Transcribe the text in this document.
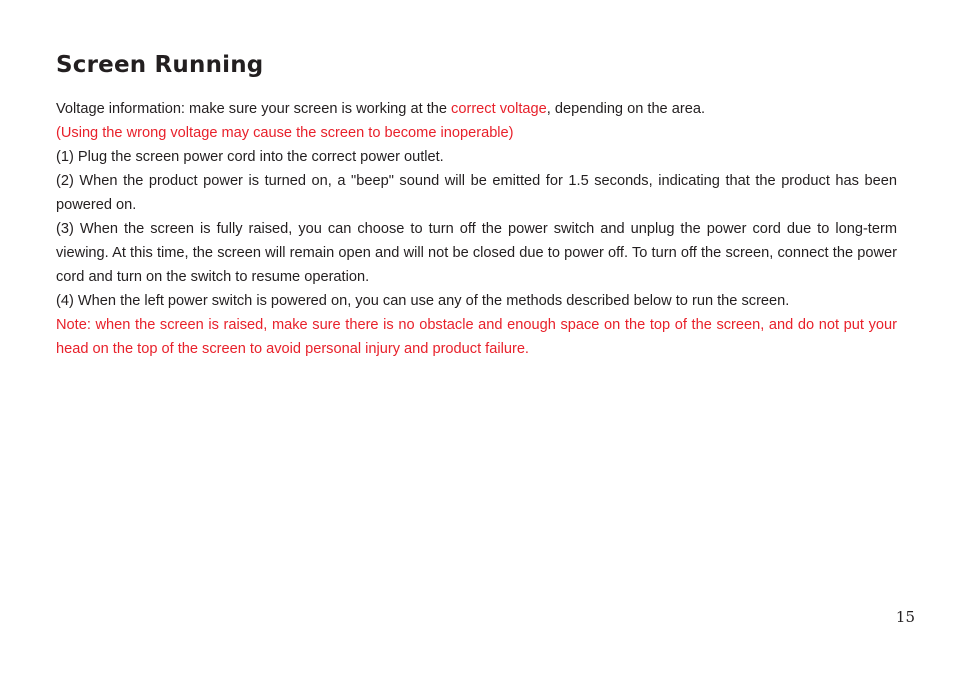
Screen Running

Voltage information: make sure your screen is working at the correct voltage, depending on the area.

(Using the wrong voltage may cause the screen to become inoperable)

(1) Plug the screen power cord into the correct power outlet.

(2) When the product power is turned on, a "beep" sound will be emitted for 1.5 seconds, indicating that the product has been powered on.

(3) When the screen is fully raised, you can choose to turn off the power switch and unplug the power cord due to long-term viewing. At this time, the screen will remain open and will not be closed due to power off. To turn off the screen, connect the power cord and turn on the switch to resume operation.

(4) When the left power switch is powered on, you can use any of the methods described below to run the screen.

Note: when the screen is raised, make sure there is no obstacle and enough space on the top of the screen, and do not put your head on the top of the screen to avoid personal injury and product failure.

15
